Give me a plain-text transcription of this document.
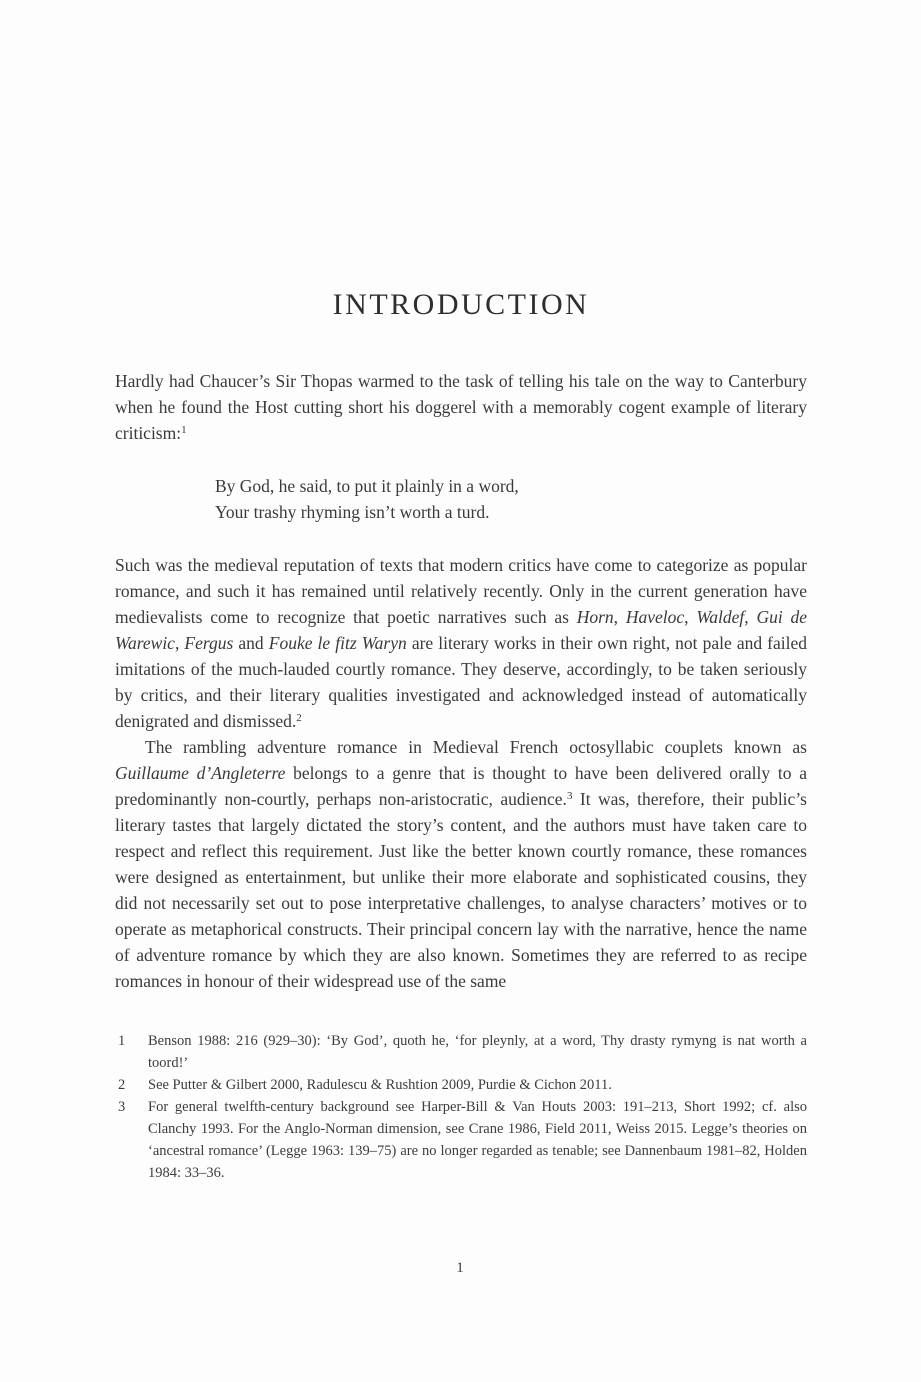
INTRODUCTION

Hardly had Chaucer’s Sir Thopas warmed to the task of telling his tale on the way to Canterbury when he found the Host cutting short his doggerel with a memorably cogent example of literary criticism:$^1$

By God, he said, to put it plainly in a word,
Your trashy rhyming isn’t worth a turd.

Such was the medieval reputation of texts that modern critics have come to categorize as popular romance, and such it has remained until relatively recently. Only in the current generation have medievalists come to recognize that poetic narratives such as Horn, Haveloc, Waldef, Gui de Warewic, Fergus and Fouke le fitz Waryn are literary works in their own right, not pale and failed imitations of the much-lauded courtly romance. They deserve, accordingly, to be taken seriously by critics, and their literary qualities investigated and acknowledged instead of automatically denigrated and dismissed.$^2$

The rambling adventure romance in Medieval French octosyllabic couplets known as Guillaume d’Angleterre belongs to a genre that is thought to have been delivered orally to a predominantly non-courtly, perhaps non-aristocratic, audience.$^3$ It was, therefore, their public’s literary tastes that largely dictated the story’s content, and the authors must have taken care to respect and reflect this requirement. Just like the better known courtly romance, these romances were designed as entertainment, but unlike their more elaborate and sophisticated cousins, they did not necessarily set out to pose interpretative challenges, to analyse characters’ motives or to operate as metaphorical constructs. Their principal concern lay with the narrative, hence the name of adventure romance by which they are also known. Sometimes they are referred to as recipe romances in honour of their widespread use of the same

1	Benson 1988: 216 (929–30): ‘By God’, quoth he, ‘for pleynly, at a word, Thy drasty rymyng is nat worth a toord!’
2	See Putter & Gilbert 2000, Radulescu & Rushtion 2009, Purdie & Cichon 2011.
3	For general twelfth-century background see Harper-Bill & Van Houts 2003: 191–213, Short 1992; cf. also Clanchy 1993. For the Anglo-Norman dimension, see Crane 1986, Field 2011, Weiss 2015. Legge’s theories on ‘ancestral romance’ (Legge 1963: 139–75) are no longer regarded as tenable; see Dannenbaum 1981–82, Holden 1984: 33–36.
1
